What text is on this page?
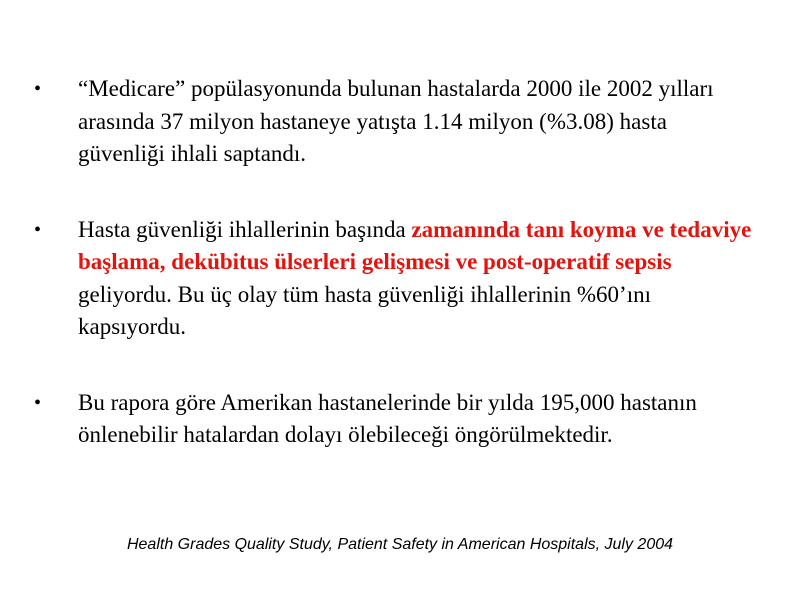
• “Medicare” popülasyonunda bulunan hastalarda 2000 ile 2002 yılları arasında 37 milyon hastaneye yatışta 1.14 milyon (%3.08) hasta güvenliği ihlali saptandı.
• Hasta güvenliği ihlallerinin başında zamanında tanı koyma ve tedaviye başlama, dekübitus ülserleri gelişmesi ve post-operatif sepsis geliyordu. Bu üç olay tüm hasta güvenliği ihlallerinin %60’ını kapsıyordu.
• Bu rapora göre Amerikan hastanelerinde bir yılda 195,000 hastanın önlenebilir hatalardan dolayı ölebileceği öngörülmektedir.
Health Grades Quality Study, Patient Safety in American Hospitals, July 2004
